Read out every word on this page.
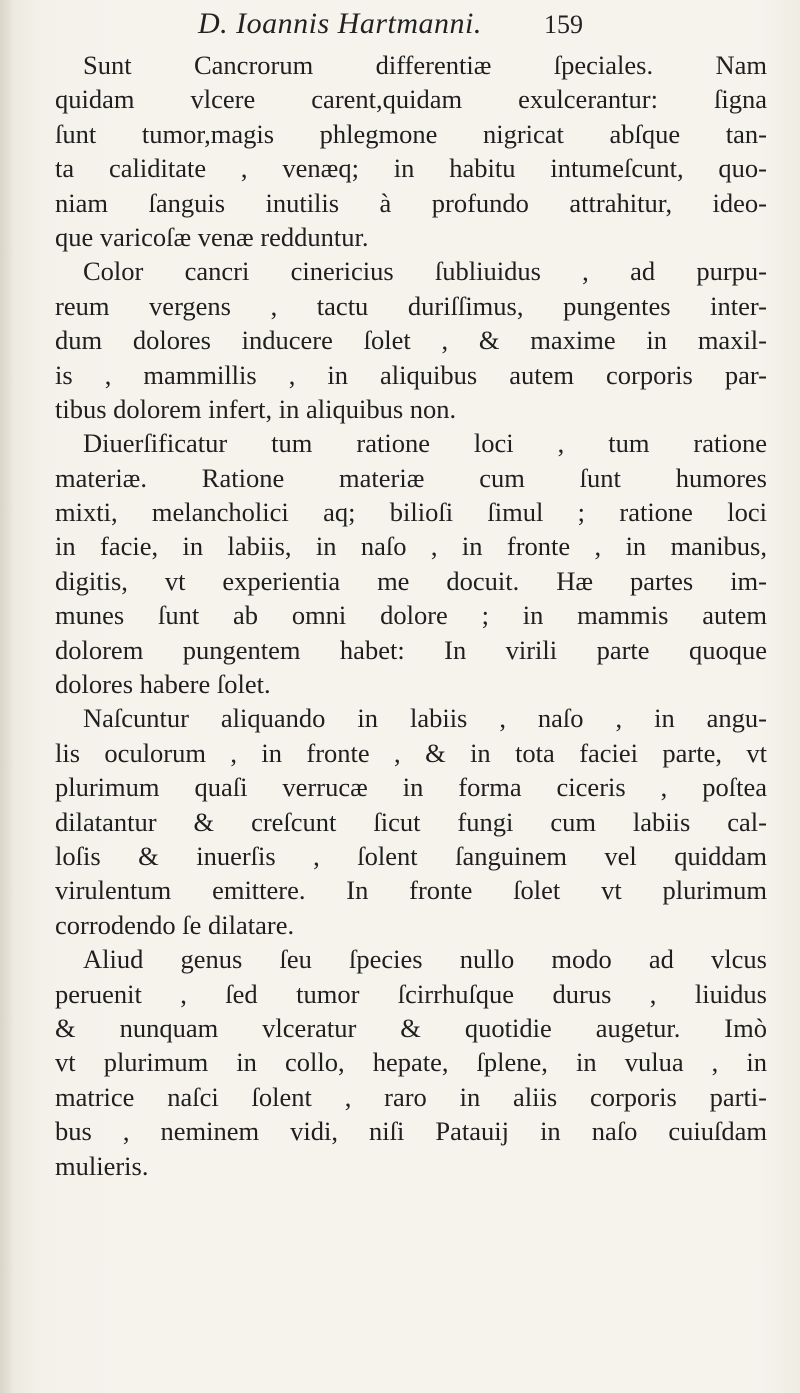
D. Ioannis Hartmanni. 159
Sunt Cancrorum differentiæ ſpeciales. Nam
quidam vlcere carent,quidam exulcerantur: ſigna
ſunt tumor,magis phlegmone nigricat abſque tan-
ta caliditate , venæq; in habitu intumeſcunt, quo-
niam ſanguis inutilis à profundo attrahitur, ideo-
que varicoſæ venæ redduntur.
Color cancri cinericius ſubliuidus , ad purpu-
reum vergens , tactu duriſſimus, pungentes inter-
dum dolores inducere ſolet , & maxime in maxil-
is , mammillis , in aliquibus autem corporis par-
tibus dolorem infert, in aliquibus non.
Diuerſificatur tum ratione loci , tum ratione
materiæ. Ratione materiæ cum ſunt humores
mixti, melancholici aq; bilioſi ſimul ; ratione loci
in facie, in labiis, in naſo , in fronte , in manibus,
digitis, vt experientia me docuit. Hæ partes im-
munes ſunt ab omni dolore ; in mammis autem
dolorem pungentem habet: In virili parte quoque
dolores habere ſolet.
Naſcuntur aliquando in labiis , naſo , in angu-
lis oculorum , in fronte , & in tota faciei parte, vt
plurimum quaſi verrucæ in forma ciceris , poſtea
dilatantur & creſcunt ſicut fungi cum labiis cal-
loſis & inuerſis , ſolent ſanguinem vel quiddam
virulentum emittere. In fronte ſolet vt plurimum
corrodendo ſe dilatare.
Aliud genus ſeu ſpecies nullo modo ad vlcus
peruenit , ſed tumor ſcirrhuſque durus , liuidus
& nunquam vlceratur & quotidie augetur. Imò
vt plurimum in collo, hepate, ſplene, in vulua , in
matrice naſci ſolent , raro in aliis corporis parti-
bus , neminem vidi, niſi Patauij in naſo cuiuſdam
mulieris.
